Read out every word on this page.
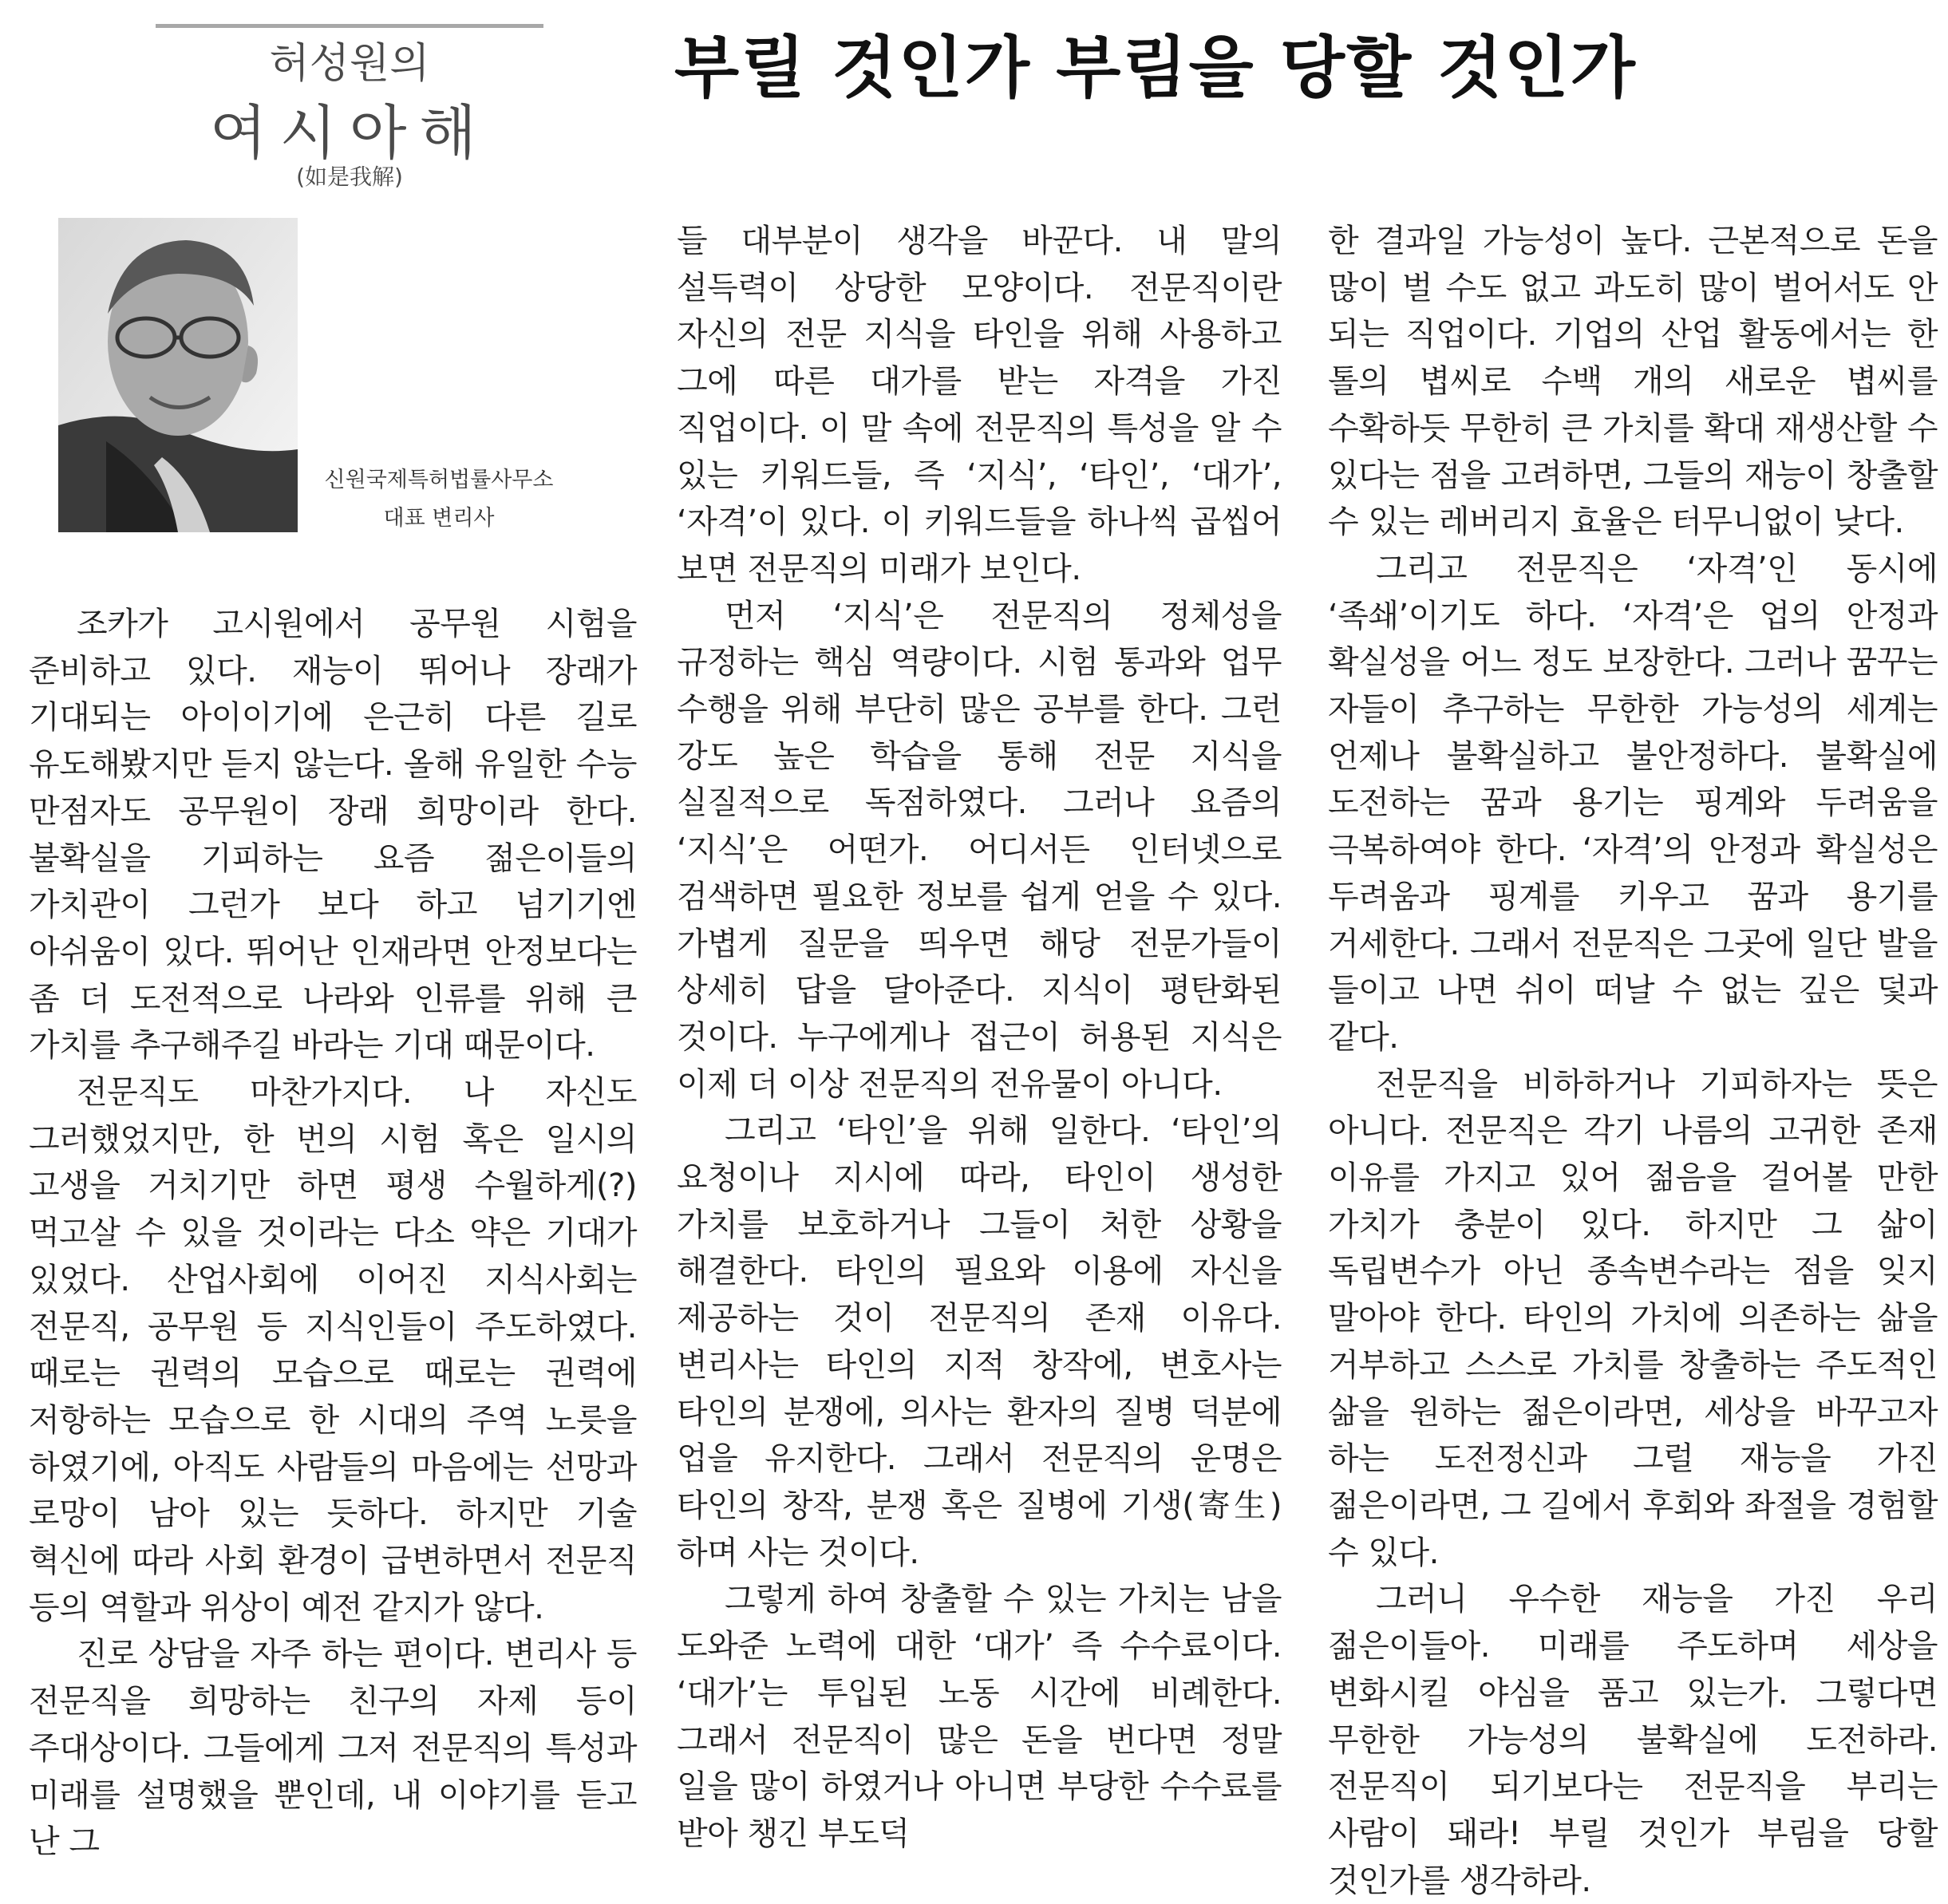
허성원의
여시아해
(如是我解)
부릴 것인가 부림을 당할 것인가
신원국제특허법률사무소
대표 변리사

조카가 고시원에서 공무원 시험을 준비하고 있다. 재능이 뛰어나 장래가 기대되는 아이이기에 은근히 다른 길로 유도해봤지만 듣지 않는다. 올해 유일한 수능 만점자도 공무원이 장래 희망이라 한다. 불확실을 기피하는 요즘 젊은이들의 가치관이 그런가 보다 하고 넘기기엔 아쉬움이 있다. 뛰어난 인재라면 안정보다는 좀 더 도전적으로 나라와 인류를 위해 큰 가치를 추구해주길 바라는 기대 때문이다.

전문직도 마찬가지다. 나 자신도 그러했었지만, 한 번의 시험 혹은 일시의 고생을 거치기만 하면 평생 수월하게(?) 먹고살 수 있을 것이라는 다소 약은 기대가 있었다. 산업사회에 이어진 지식사회는 전문직, 공무원 등 지식인들이 주도하였다. 때로는 권력의 모습으로 때로는 권력에 저항하는 모습으로 한 시대의 주역 노릇을 하였기에, 아직도 사람들의 마음에는 선망과 로망이 남아 있는 듯하다. 하지만 기술 혁신에 따라 사회 환경이 급변하면서 전문직 등의 역할과 위상이 예전 같지가 않다.

진로 상담을 자주 하는 편이다. 변리사 등 전문직을 희망하는 친구의 자제 등이 주대상이다. 그들에게 그저 전문직의 특성과 미래를 설명했을 뿐인데, 내 이야기를 듣고 난 그

들 대부분이 생각을 바꾼다. 내 말의 설득력이 상당한 모양이다. 전문직이란 자신의 전문 지식을 타인을 위해 사용하고 그에 따른 대가를 받는 자격을 가진 직업이다. 이 말 속에 전문직의 특성을 알 수 있는 키워드들, 즉 ‘지식’, ‘타인’, ‘대가’, ‘자격’이 있다. 이 키워드들을 하나씩 곱씹어 보면 전문직의 미래가 보인다.

먼저 ‘지식’은 전문직의 정체성을 규정하는 핵심 역량이다. 시험 통과와 업무 수행을 위해 부단히 많은 공부를 한다. 그런 강도 높은 학습을 통해 전문 지식을 실질적으로 독점하였다. 그러나 요즘의 ‘지식’은 어떤가. 어디서든 인터넷으로 검색하면 필요한 정보를 쉽게 얻을 수 있다. 가볍게 질문을 띄우면 해당 전문가들이 상세히 답을 달아준다. 지식이 평탄화된 것이다. 누구에게나 접근이 허용된 지식은 이제 더 이상 전문직의 전유물이 아니다.

그리고 ‘타인’을 위해 일한다. ‘타인’의 요청이나 지시에 따라, 타인이 생성한 가치를 보호하거나 그들이 처한 상황을 해결한다. 타인의 필요와 이용에 자신을 제공하는 것이 전문직의 존재 이유다. 변리사는 타인의 지적 창작에, 변호사는 타인의 분쟁에, 의사는 환자의 질병 덕분에 업을 유지한다. 그래서 전문직의 운명은 타인의 창작, 분쟁 혹은 질병에 기생(寄生)하며 사는 것이다.

그렇게 하여 창출할 수 있는 가치는 남을 도와준 노력에 대한 ‘대가’ 즉 수수료이다. ‘대가’는 투입된 노동 시간에 비례한다. 그래서 전문직이 많은 돈을 번다면 정말 일을 많이 하였거나 아니면 부당한 수수료를 받아 챙긴 부도덕

한 결과일 가능성이 높다. 근본적으로 돈을 많이 벌 수도 없고 과도히 많이 벌어서도 안 되는 직업이다. 기업의 산업 활동에서는 한 톨의 볍씨로 수백 개의 새로운 볍씨를 수확하듯 무한히 큰 가치를 확대 재생산할 수 있다는 점을 고려하면, 그들의 재능이 창출할 수 있는 레버리지 효율은 터무니없이 낮다.

그리고 전문직은 ‘자격’인 동시에 ‘족쇄’이기도 하다. ‘자격’은 업의 안정과 확실성을 어느 정도 보장한다. 그러나 꿈꾸는 자들이 추구하는 무한한 가능성의 세계는 언제나 불확실하고 불안정하다. 불확실에 도전하는 꿈과 용기는 핑계와 두려움을 극복하여야 한다. ‘자격’의 안정과 확실성은 두려움과 핑계를 키우고 꿈과 용기를 거세한다. 그래서 전문직은 그곳에 일단 발을 들이고 나면 쉬이 떠날 수 없는 깊은 덫과 같다.

전문직을 비하하거나 기피하자는 뜻은 아니다. 전문직은 각기 나름의 고귀한 존재 이유를 가지고 있어 젊음을 걸어볼 만한 가치가 충분이 있다. 하지만 그 삶이 독립변수가 아닌 종속변수라는 점을 잊지 말아야 한다. 타인의 가치에 의존하는 삶을 거부하고 스스로 가치를 창출하는 주도적인 삶을 원하는 젊은이라면, 세상을 바꾸고자 하는 도전정신과 그럴 재능을 가진 젊은이라면, 그 길에서 후회와 좌절을 경험할 수 있다.

그러니 우수한 재능을 가진 우리 젊은이들아. 미래를 주도하며 세상을 변화시킬 야심을 품고 있는가. 그렇다면 무한한 가능성의 불확실에 도전하라. 전문직이 되기보다는 전문직을 부리는 사람이 돼라! 부릴 것인가 부림을 당할 것인가를 생각하라.
